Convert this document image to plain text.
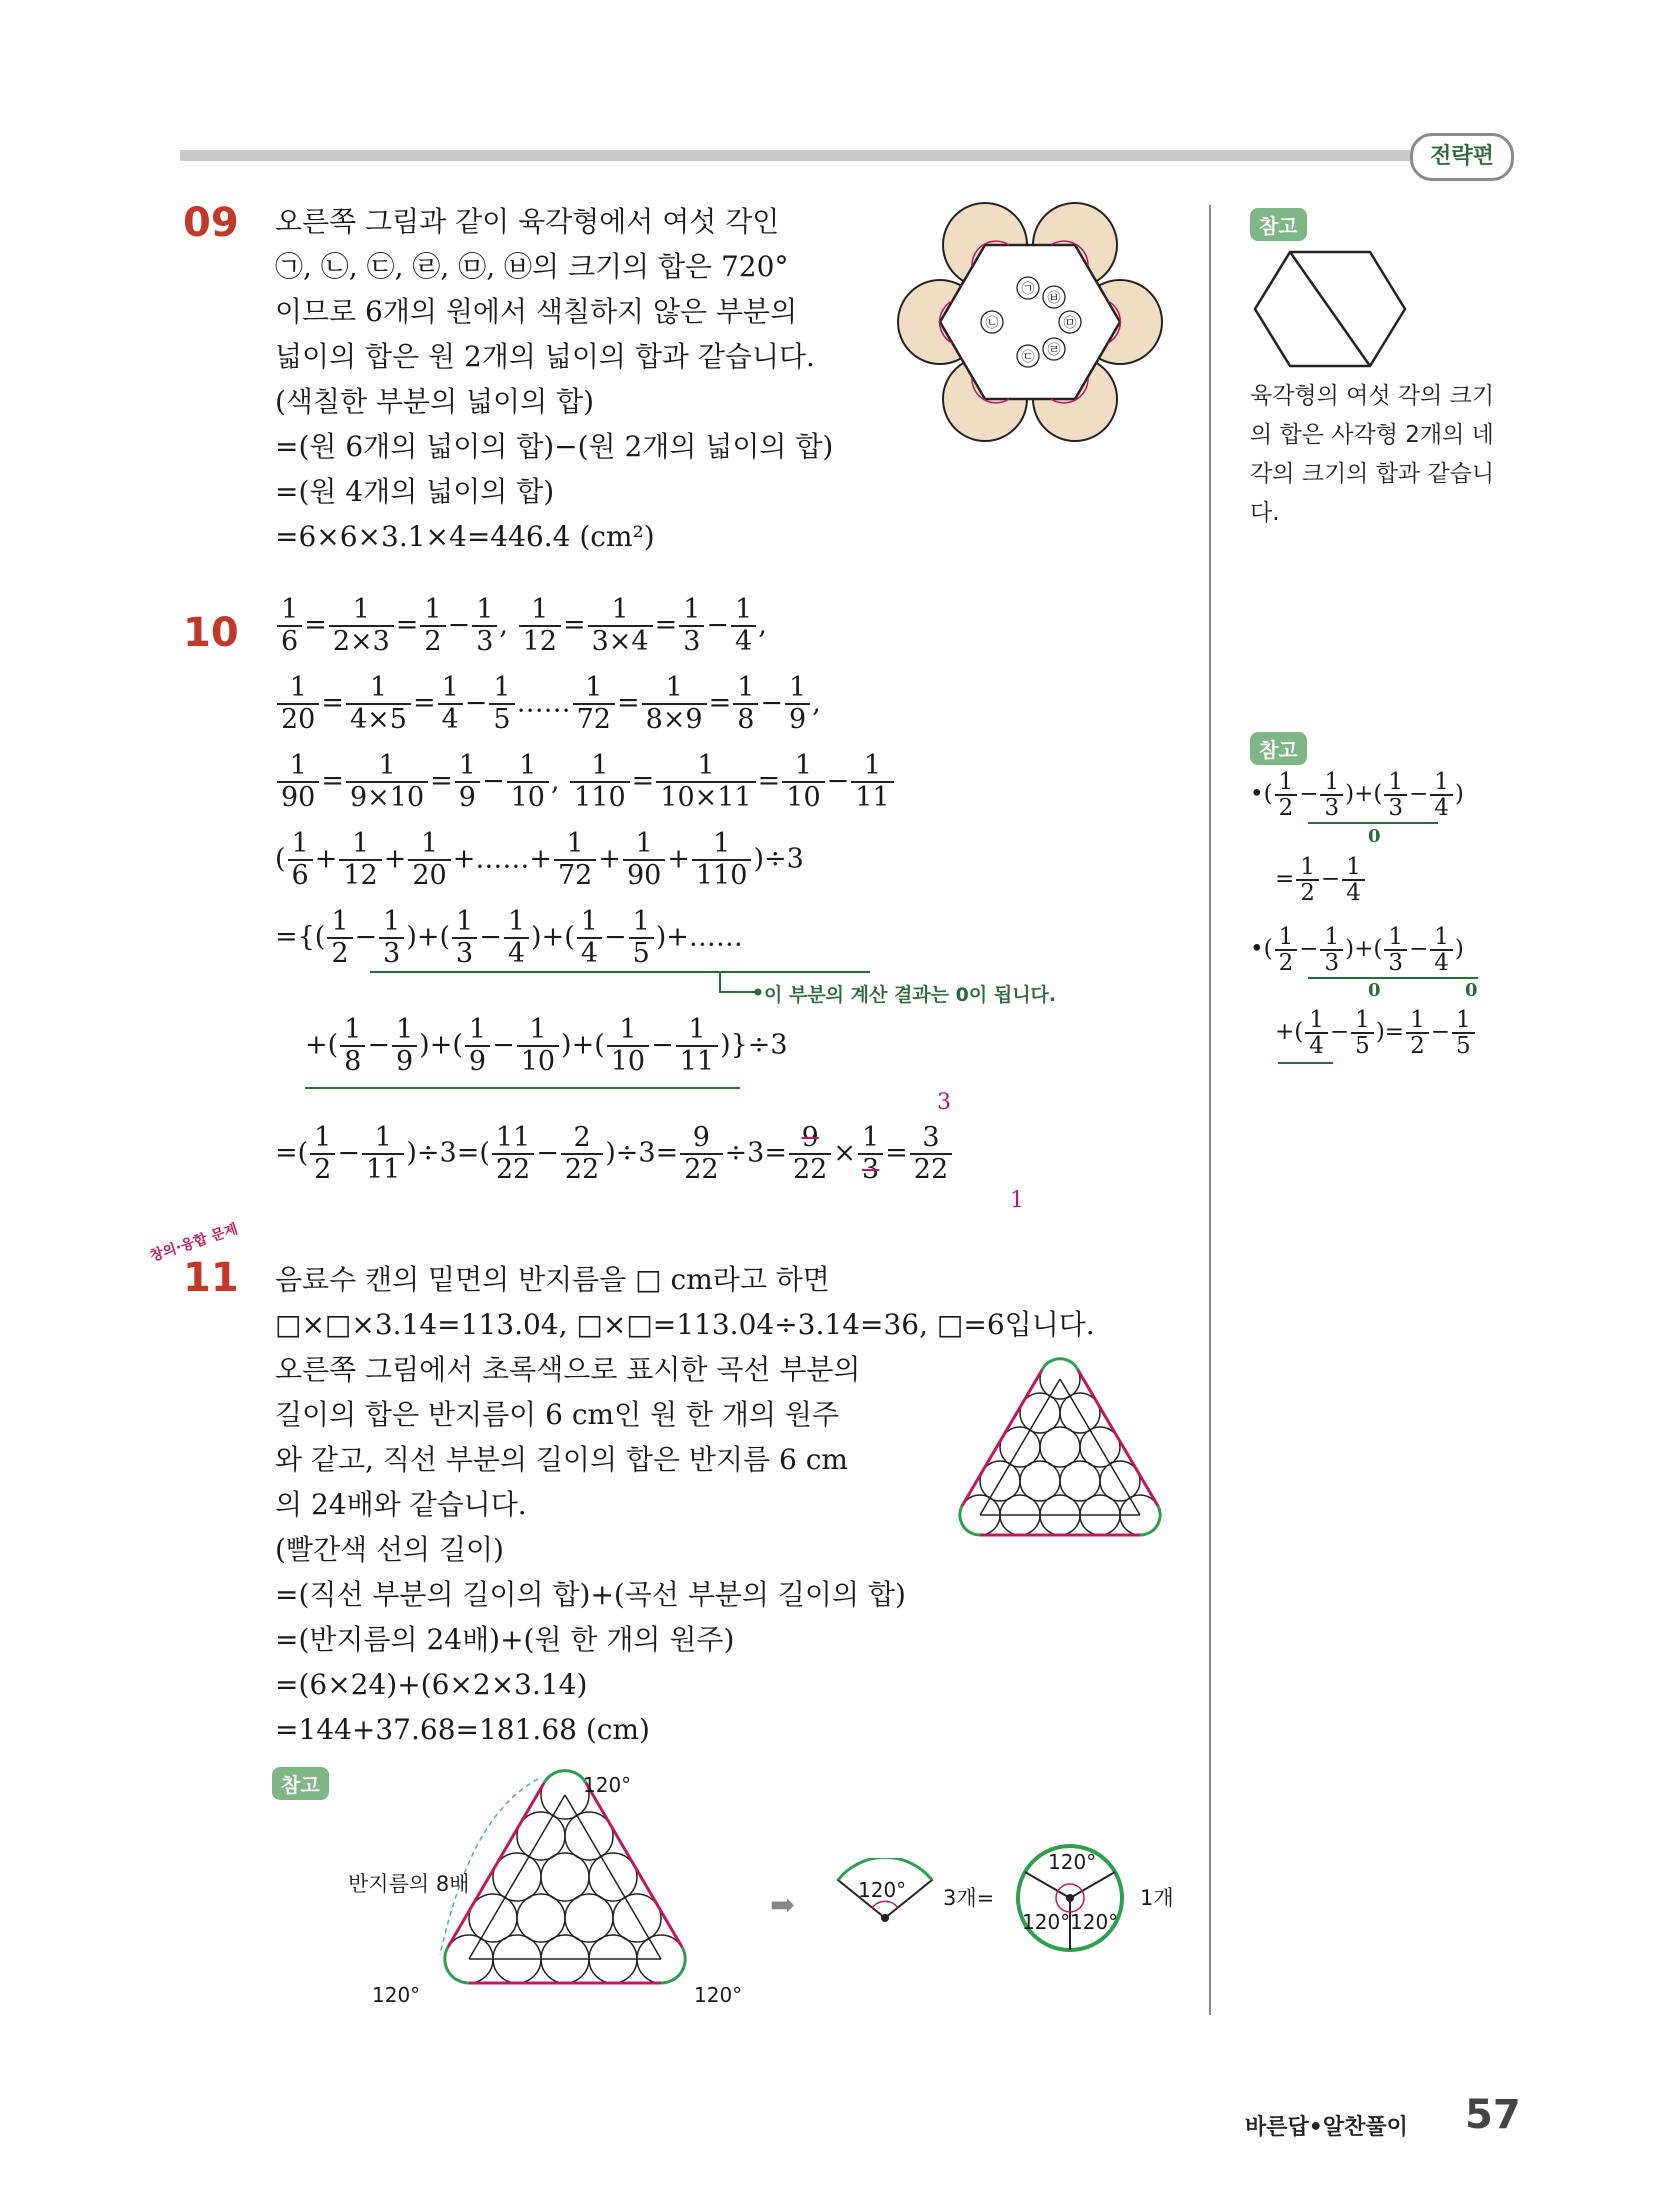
전략편
09 오른쪽 그림과 같이 육각형에서 여섯 각인
㉠, ㉡, ㉢, ㉣, ㉤, ㉥의 크기의 합은 720°
이므로 6개의 원에서 색칠하지 않은 부분의
넓이의 합은 원 2개의 넓이의 합과 같습니다.
(색칠한 부분의 넓이의 합)
=(원 6개의 넓이의 합)−(원 2개의 넓이의 합)
=(원 4개의 넓이의 합)
=6×6×3.1×4=446.4 (cm²)
㉠
㉥
㉤
㉣
㉢
㉡
참고
육각형의 여섯 각의 크기
의 합은 사각형 2개의 네
각의 크기의 합과 같습니
다.
$10 \frac{1}{6} = \frac{1}{2\times 3} = \frac{1}{2} - \frac{1}{3}$ , $\frac{1}{12} = \frac{1}{3\times 4} = \frac{1}{3} - \frac{1}{4}$ ,
$\frac{1}{20} = \frac{1}{4\times 5} = \frac{1}{4} - \frac{1}{5}$ …… $\frac{1}{72} = \frac{1}{8\times 9} = \frac{1}{8} - \frac{1}{9}$ ,
$\frac{1}{90} = \frac{1}{9\times 10} = \frac{1}{9} - \frac{1}{10}$ , $\frac{1}{110} = \frac{1}{10\times 11} = \frac{1}{10} - \frac{1}{11}$
( $\frac{1}{6} + \frac{1}{12} + \frac{1}{20}$ +……+ $\frac{1}{72} + \frac{1}{90} + \frac{1}{110} )\div 3$
={( $\frac{1}{2} - \frac{1}{3}$ )+( $\frac{1}{3} - \frac{1}{4}$ )+( $\frac{1}{4} - \frac{1}{5}$ )+……
이 부분의 계산 결과는 0이 됩니다.
+( $\frac{1}{8} - \frac{1}{9}$ )+( $\frac{1}{9} - \frac{1}{10}$ )+( $\frac{1}{10} - \frac{1}{11} )\}\div 3$
3
=( $\frac{1}{2} - \frac{1}{11} )\div 3=( \frac{11}{22} - \frac{2}{22} )\div 3= \frac{9}{22} \div 3= \frac{9}{22} \times \frac{1}{3} = \frac{3}{22}$
1
참고
•( $\frac{1}{2} - \frac{1}{3}$ )+( $\frac{1}{3} - \frac{1}{4}$ )
0
= $\frac{1}{2} - \frac{1}{4}$
•( $\frac{1}{2} - \frac{1}{3}$ )+( $\frac{1}{3} - \frac{1}{4}$ )
0	0
+( $\frac{1}{4} - \frac{1}{5}$ )= $\frac{1}{2} - \frac{1}{5}$
창의·융합 문제
11 음료수 캔의 밑면의 반지름을 □ cm라고 하면
□×□×3.14=113.04, □×□=113.04÷3.14=36, □=6입니다.
오른쪽 그림에서 초록색으로 표시한 곡선 부분의
길이의 합은 반지름이 6 cm인 원 한 개의 원주
와 같고, 직선 부분의 길이의 합은 반지름 6 cm
의 24배와 같습니다.
(빨간색 선의 길이)
=(직선 부분의 길이의 합)+(곡선 부분의 길이의 합)
=(반지름의 24배)+(원 한 개의 원주)
=(6×24)+(6×2×3.14)
=144+37.68=181.68 (cm)
참고
반지름의 8배
120°
120°	120°
➡	120° 3개=
120°
120° 120°
1개
바른답•알찬풀이 57
